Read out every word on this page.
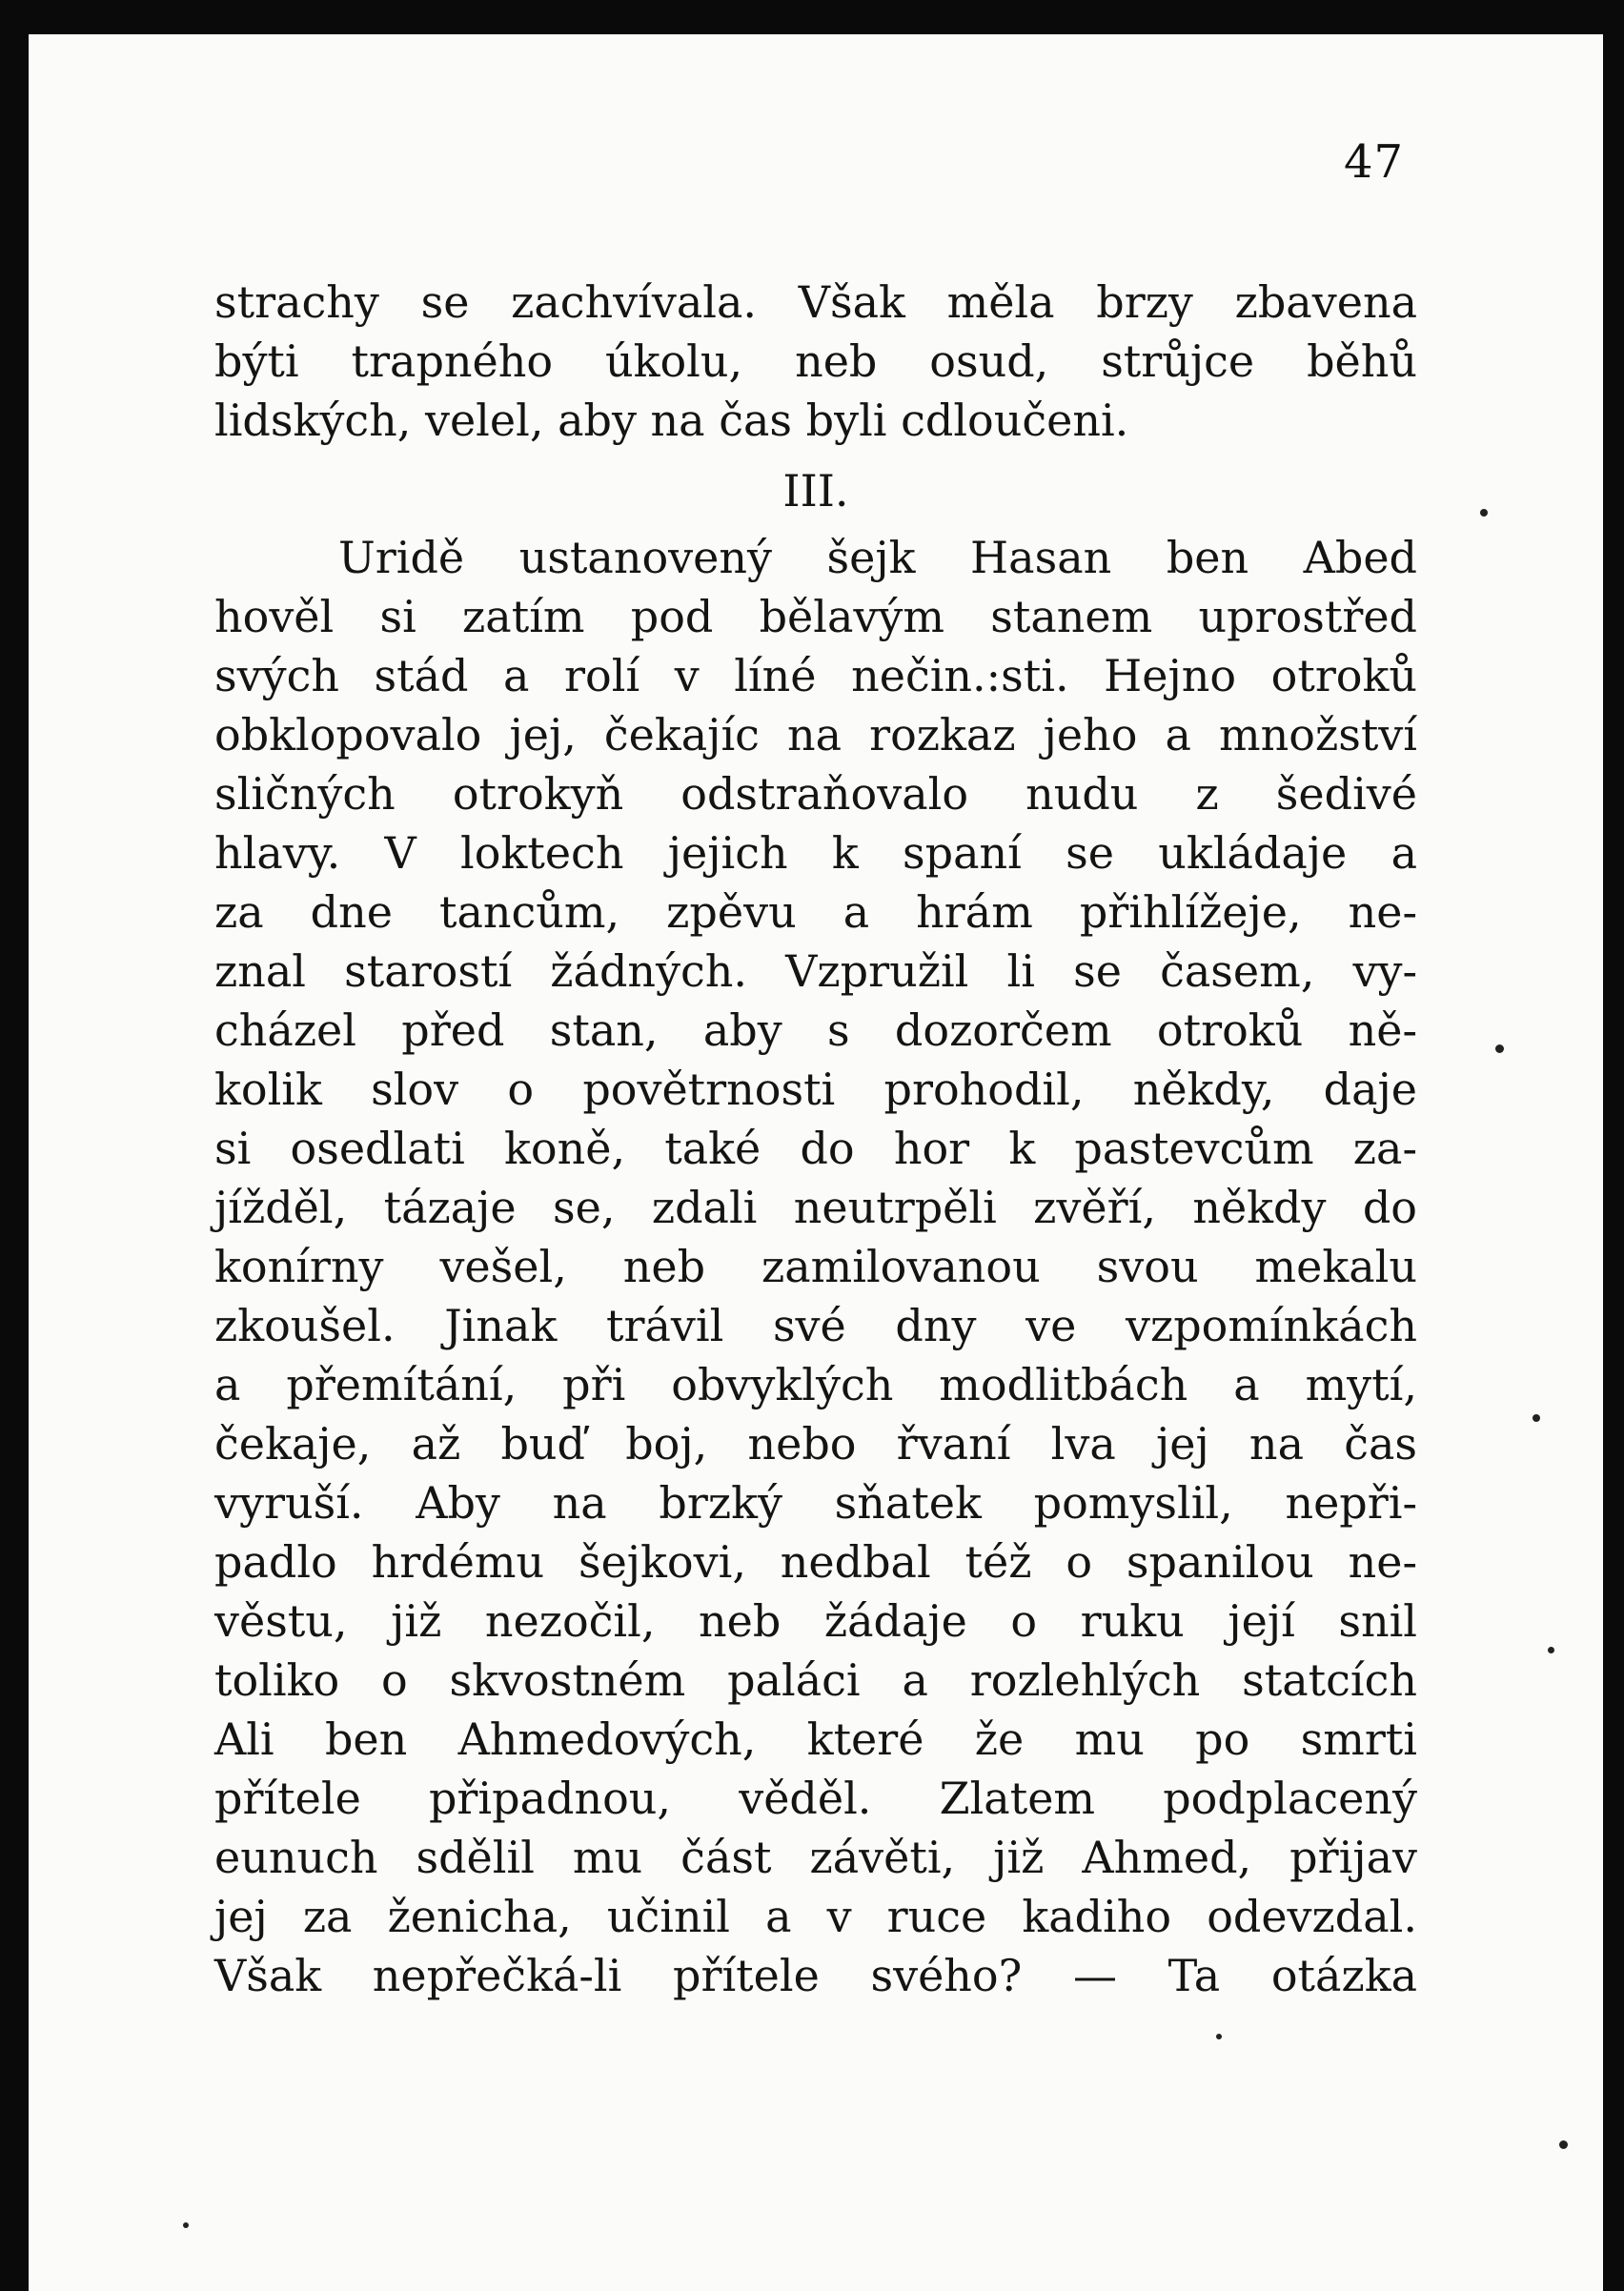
47
strachy se zachvívala. Však měla brzy zbavena
býti trapného úkolu, neb osud, strůjce běhů
lidských, velel, aby na čas byli cdloučeni.
III.
Uridě ustanovený šejk Hasan ben Abed
hověl si zatím pod bělavým stanem uprostřed
svých stád a rolí v líné nečin.:sti. Hejno otroků
obklopovalo jej, čekajíc na rozkaz jeho a množství
sličných otrokyň odstraňovalo nudu z šedivé
hlavy. V loktech jejich k spaní se ukládaje a
za dne tancům, zpěvu a hrám přihlížeje, ne-
znal starostí žádných. Vzpružil li se časem, vy-
cházel před stan, aby s dozorčem otroků ně-
kolik slov o povětrnosti prohodil, někdy, daje
si osedlati koně, také do hor k pastevcům za-
jížděl, tázaje se, zdali neutrpěli zvěří, někdy do
konírny vešel, neb zamilovanou svou mekalu
zkoušel. Jinak trávil své dny ve vzpomínkách
a přemítání, při obvyklých modlitbách a mytí,
čekaje, až buď boj, nebo řvaní lva jej na čas
vyruší. Aby na brzký sňatek pomyslil, nepři-
padlo hrdému šejkovi, nedbal též o spanilou ne-
věstu, již nezočil, neb žádaje o ruku její snil
toliko o skvostném paláci a rozlehlých statcích
Ali ben Ahmedových, které že mu po smrti
přítele připadnou, věděl. Zlatem podplacený
eunuch sdělil mu část závěti, již Ahmed, přijav
jej za ženicha, učinil a v ruce kadiho odevzdal.
Však nepřečká-li přítele svého? — Ta otázka
